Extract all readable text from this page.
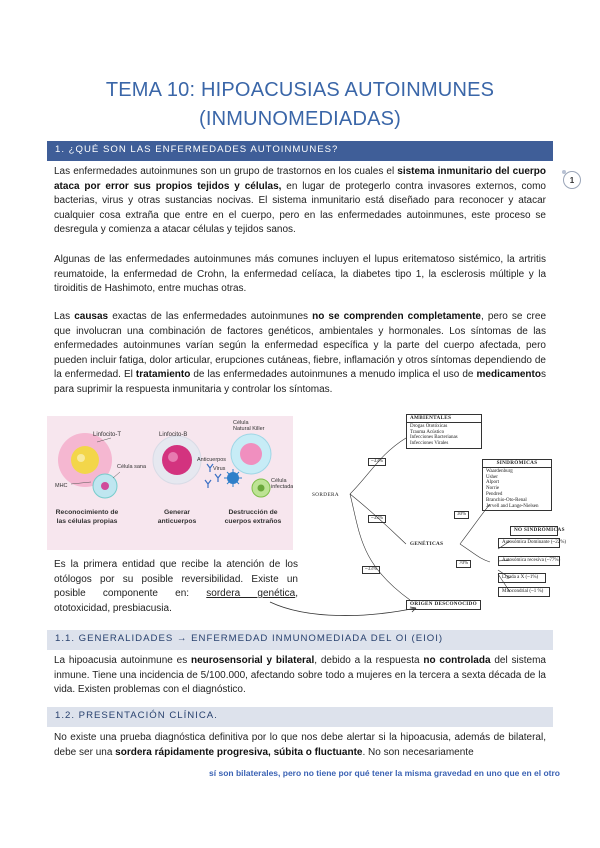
TEMA 10: HIPOACUSIAS AUTOINMUNES
(INMUNOMEDIADAS)
1. ¿QUÉ SON LAS ENFERMEDADES AUTOINMUNES?
1
Las enfermedades autoinmunes son un grupo de trastornos en los cuales el sistema inmunitario del cuerpo ataca por error sus propios tejidos y células, en lugar de protegerlo contra invasores externos, como bacterias, virus y otras sustancias nocivas. El sistema inmunitario está diseñado para reconocer y atacar cualquier cosa extraña que entre en el cuerpo, pero en las enfermedades autoinmunes, este proceso se desregula y comienza a atacar células y tejidos sanos.
Algunas de las enfermedades autoinmunes más comunes incluyen el lupus eritematoso sistémico, la artritis reumatoide, la enfermedad de Crohn, la enfermedad celíaca, la diabetes tipo 1, la esclerosis múltiple y la tiroiditis de Hashimoto, entre muchas otras.
Las causas exactas de las enfermedades autoinmunes no se comprenden completamente, pero se cree que involucran una combinación de factores genéticos, ambientales y hormonales. Los síntomas de las enfermedades autoinmunes varían según la enfermedad específica y la parte del cuerpo afectada, pero pueden incluir fatiga, dolor articular, erupciones cutáneas, fiebre, inflamación y otros síntomas dependiendo de la enfermedad. El tratamiento de las enfermedades autoinmunes a menudo implica el uso de medicamentos para suprimir la respuesta inmunitaria y controlar los síntomas.
Linfocito-T
Célula sana
MHC
Linfocito-B
Anticuerpos
Célula Natural Killer
Virus
Célula infectada
Reconocimiento de las células propias
Generar anticuerpos
Destrucción de cuerpos extraños
SORDERA
~33%
~33%
~33%
AMBIENTALES
Drogas Ototóxicas
Trauma Acústico
Infecciones Bacterianas
Infecciones Virales
GENÉTICAS
30%
70%
SINDRÓMICAS
Waardenburg
Usher
Alport
Norrie
Pendred
Branchio-Oto-Renal
Jervell and Lange-Nielsen
NO SINDRÓMICAS
Autosómica Dominante (~22%)
Autosómica recesiva (~77%)
Ligada a X (~1%)
Mitocondrial (~1 %)
ORIGEN DESCONOCIDO
Es la primera entidad que recibe la atención de los otólogos por su posible reversibilidad. Existe un posible componente en: sordera genética, ototoxicidad, presbiacusia.
1.1. GENERALIDADES → ENFERMEDAD INMUNOMEDIADA DEL OI (EIOI)
La hipoacusia autoinmune es neurosensorial y bilateral, debido a la respuesta no controlada del sistema inmune. Tiene una incidencia de 5/100.000, afectando sobre todo a mujeres en la tercera a sexta década de la vida. Existen problemas con el diagnóstico.
1.2. PRESENTACIÓN CLÍNICA.
No existe una prueba diagnóstica definitiva por lo que nos debe alertar si la hipoacusia, además de bilateral, debe ser una sordera rápidamente progresiva, súbita o fluctuante. No son necesariamente
sí son bilaterales, pero no tiene por qué tener la misma gravedad en uno que en el otro
